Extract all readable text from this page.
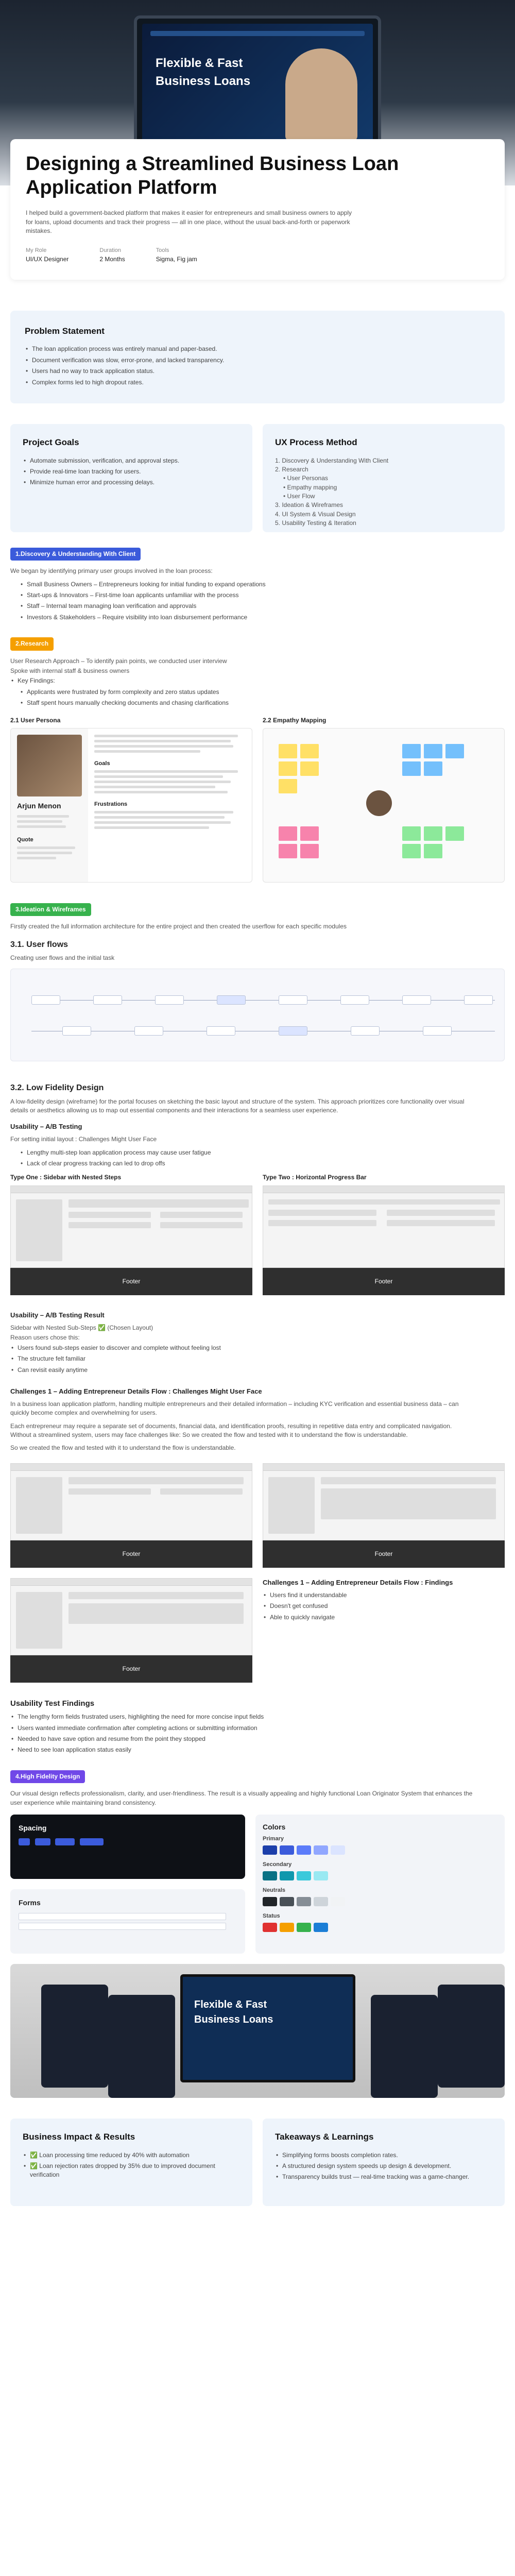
Flexible & Fast Business Loans
Designing a Streamlined Business Loan Application Platform

I helped build a government-backed platform that makes it easier for entrepreneurs and small business owners to apply for loans, upload documents and track their progress — all in one place, without the usual back-and-forth or paperwork mistakes.

My Role
UI/UX Designer
Duration
2 Months
Tools
Sigma, Fig jam
Problem Statement
• The loan application process was entirely manual and paper-based.
• Document verification was slow, error-prone, and lacked transparency.
• Users had no way to track application status.
• Complex forms led to high dropout rates.
Project Goals
• Automate submission, verification, and approval steps.
• Provide real-time loan tracking for users.
• Minimize human error and processing delays.
UX Process Method
1. Discovery & Understanding With Client
2. Research
• User Personas
• Empathy mapping
• User Flow
3. Ideation & Wireframes
4. UI System & Visual Design
5. Usability Testing & Iteration
1.Discovery & Understanding With Client

We began by identifying primary user groups involved in the loan process:

• Small Business Owners – Entrepreneurs looking for initial funding to expand operations
• Start-ups & Innovators – First-time loan applicants unfamiliar with the process
• Staff – Internal team managing loan verification and approvals
• Investors & Stakeholders – Require visibility into loan disbursement performance
2.Research

User Research Approach – To identify pain points, we conducted user interview

Spoke with internal staff & business owners

• Key Findings:
• Applicants were frustrated by form complexity and zero status updates
• Staff spent hours manually checking documents and chasing clarifications
2.1 User Persona
Arjun Menon
Quote
Goals
Frustrations
2.2 Empathy Mapping
3.Ideation & Wireframes

Firstly created the full information architecture for the entire project and then created the userflow for each specific modules

3.1. User flows

Creating user flows and the initial task

3.2. Low Fidelity Design

A low-fidelity design (wireframe) for the portal focuses on sketching the basic layout and structure of the system. This approach prioritizes core functionality over visual details or aesthetics allowing us to map out essential components and their interactions for a seamless user experience.

Usability – A/B Testing

For setting initial layout : Challenges Might User Face

• Lengthy multi-step loan application process may cause user fatigue
• Lack of clear progress tracking can led to drop offs
Type One : Sidebar with Nested Steps
Footer
Type Two : Horizontal Progress Bar
Footer
Usability – A/B Testing Result

Sidebar with Nested Sub-Steps ✅ (Chosen Layout)

Reason users chose this:

• Users found sub-steps easier to discover and complete without feeling lost
• The structure felt familiar
• Can revisit easily anytime
Challenges 1 – Adding Entrepreneur Details Flow : Challenges Might User Face

In a business loan application platform, handling multiple entrepreneurs and their detailed information – including KYC verification and essential business data – can quickly become complex and overwhelming for users.

Each entrepreneur may require a separate set of documents, financial data, and identification proofs, resulting in repetitive data entry and complicated navigation. Without a streamlined system, users may face challenges like: So we created the flow and tested with it to understand the flow is understandable.

So we created the flow and tested with it to understand the flow is understandable.

Footer	Footer
Footer
Challenges 1 – Adding Entrepreneur Details Flow : Findings
• Users find it understandable
• Doesn't get confused
• Able to quickly navigate
Usability Test Findings
• The lengthy form fields frustrated users, highlighting the need for more concise input fields
• Users wanted immediate confirmation after completing actions or submitting information
• Needed to have save option and resume from the point they stopped
• Need to see loan application status easily
4.High Fidelity Design

Our visual design reflects professionalism, clarity, and user-friendliness. The result is a visually appealing and highly functional Loan Originator System that enhances the user experience while maintaining brand consistency.

Spacing

Forms
Colors
Primary
Secondary
Neutrals
Status
Flexible & Fast Business Loans
Business Impact & Results
• ✅ Loan processing time reduced by 40% with automation
• ✅ Loan rejection rates dropped by 35% due to improved document verification
Takeaways & Learnings
• Simplifying forms boosts completion rates.
• A structured design system speeds up design & development.
• Transparency builds trust — real-time tracking was a game-changer.
